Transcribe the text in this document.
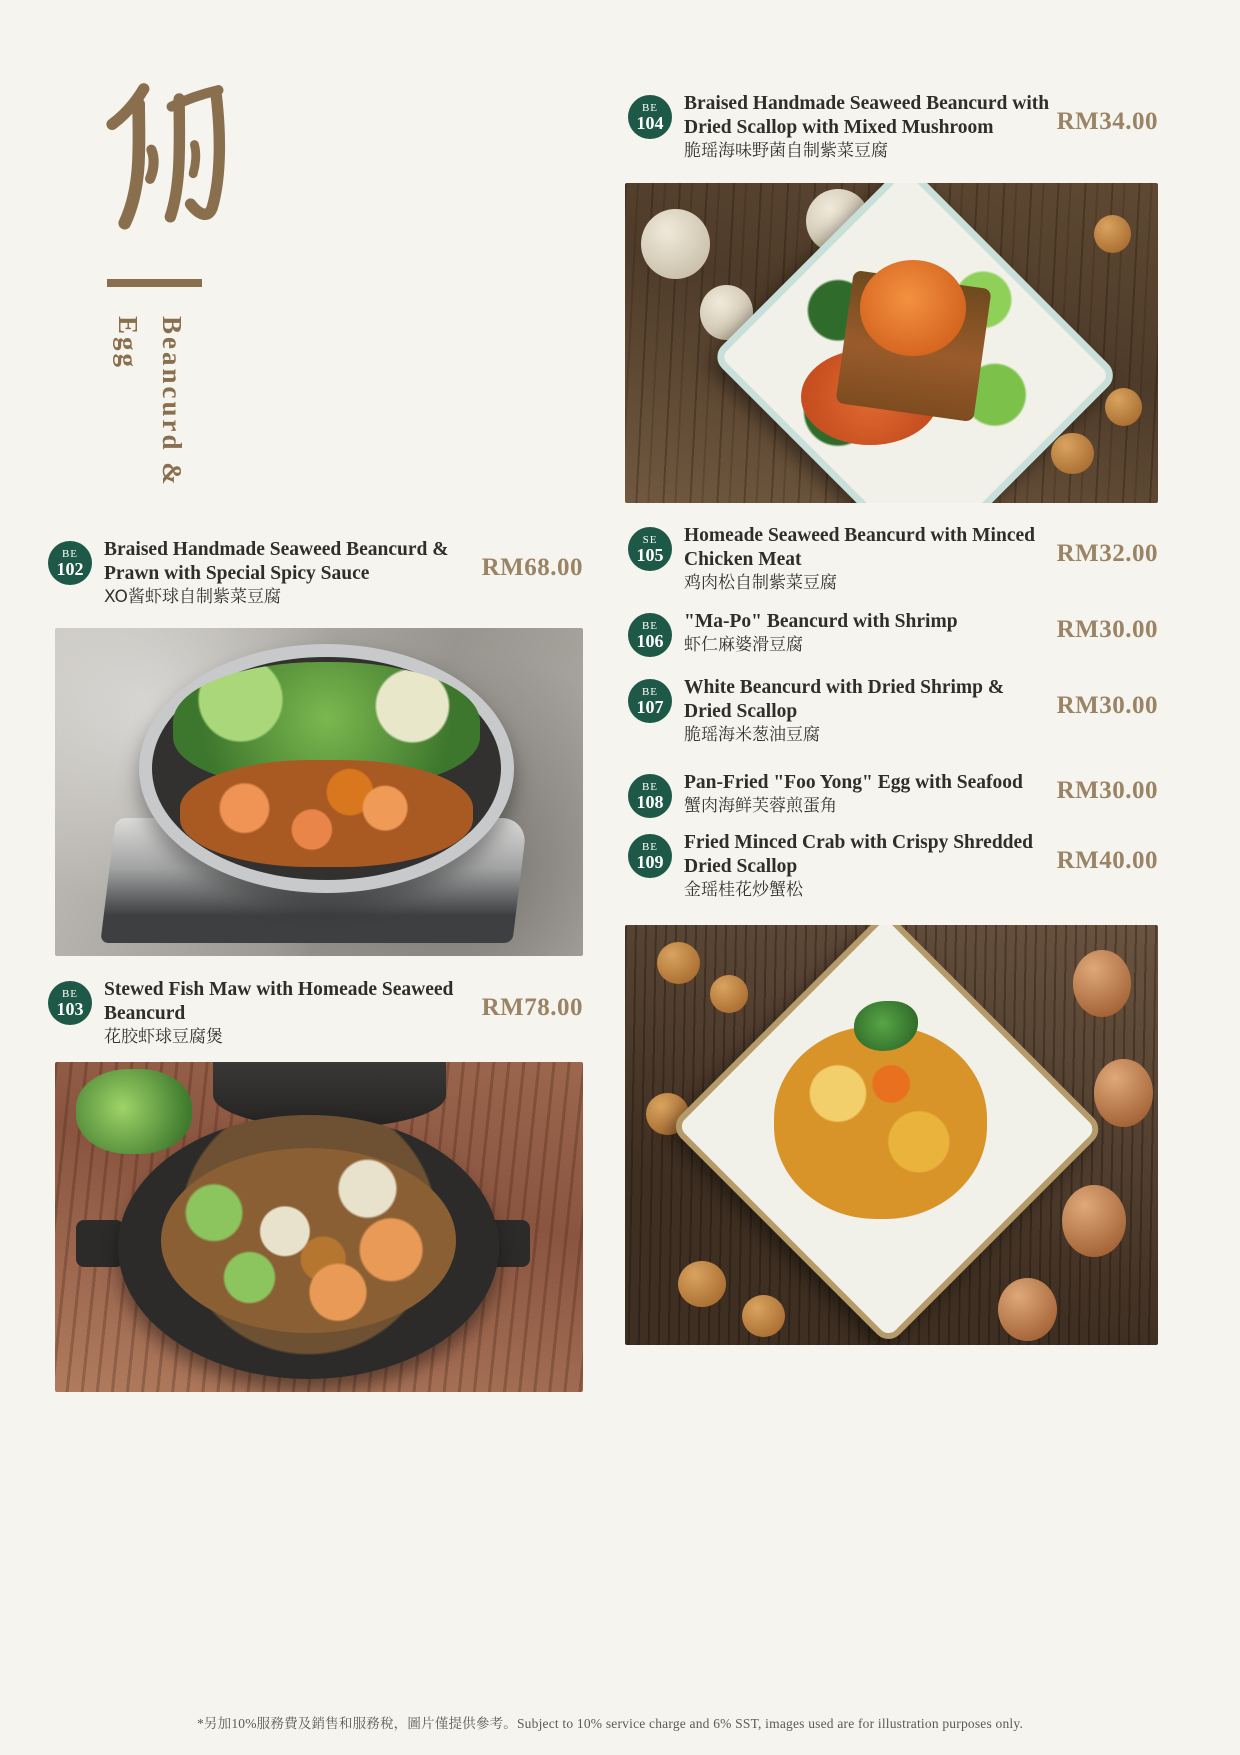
Beancurd &
Egg
BE
102
Braised Handmade Seaweed Beancurd &
Prawn with Special Spicy Sauce
XO酱虾球自制紫菜豆腐
RM68.00
BE
103
Stewed Fish Maw with Homeade Seaweed
Beancurd
花胶虾球豆腐煲
RM78.00
BE
104
Braised Handmade Seaweed Beancurd with
Dried Scallop with Mixed Mushroom
脆瑶海味野菌自制紫菜豆腐
RM34.00
SE
105
Homeade Seaweed Beancurd with Minced
Chicken Meat
鸡肉松自制紫菜豆腐
RM32.00
BE
106
"Ma-Po" Beancurd with Shrimp
虾仁麻婆滑豆腐
RM30.00
BE
107
White Beancurd with Dried Shrimp &
Dried Scallop
脆瑶海米葱油豆腐
RM30.00
BE
108
Pan-Fried "Foo Yong" Egg with Seafood
蟹肉海鲜芙蓉煎蛋角
RM30.00
BE
109
Fried Minced Crab with Crispy Shredded
Dried Scallop
金瑶桂花炒蟹松
RM40.00
*另加10%服務費及銷售和服務稅，圖片僅提供參考。Subject to 10% service charge and 6% SST, images used are for illustration purposes only.
